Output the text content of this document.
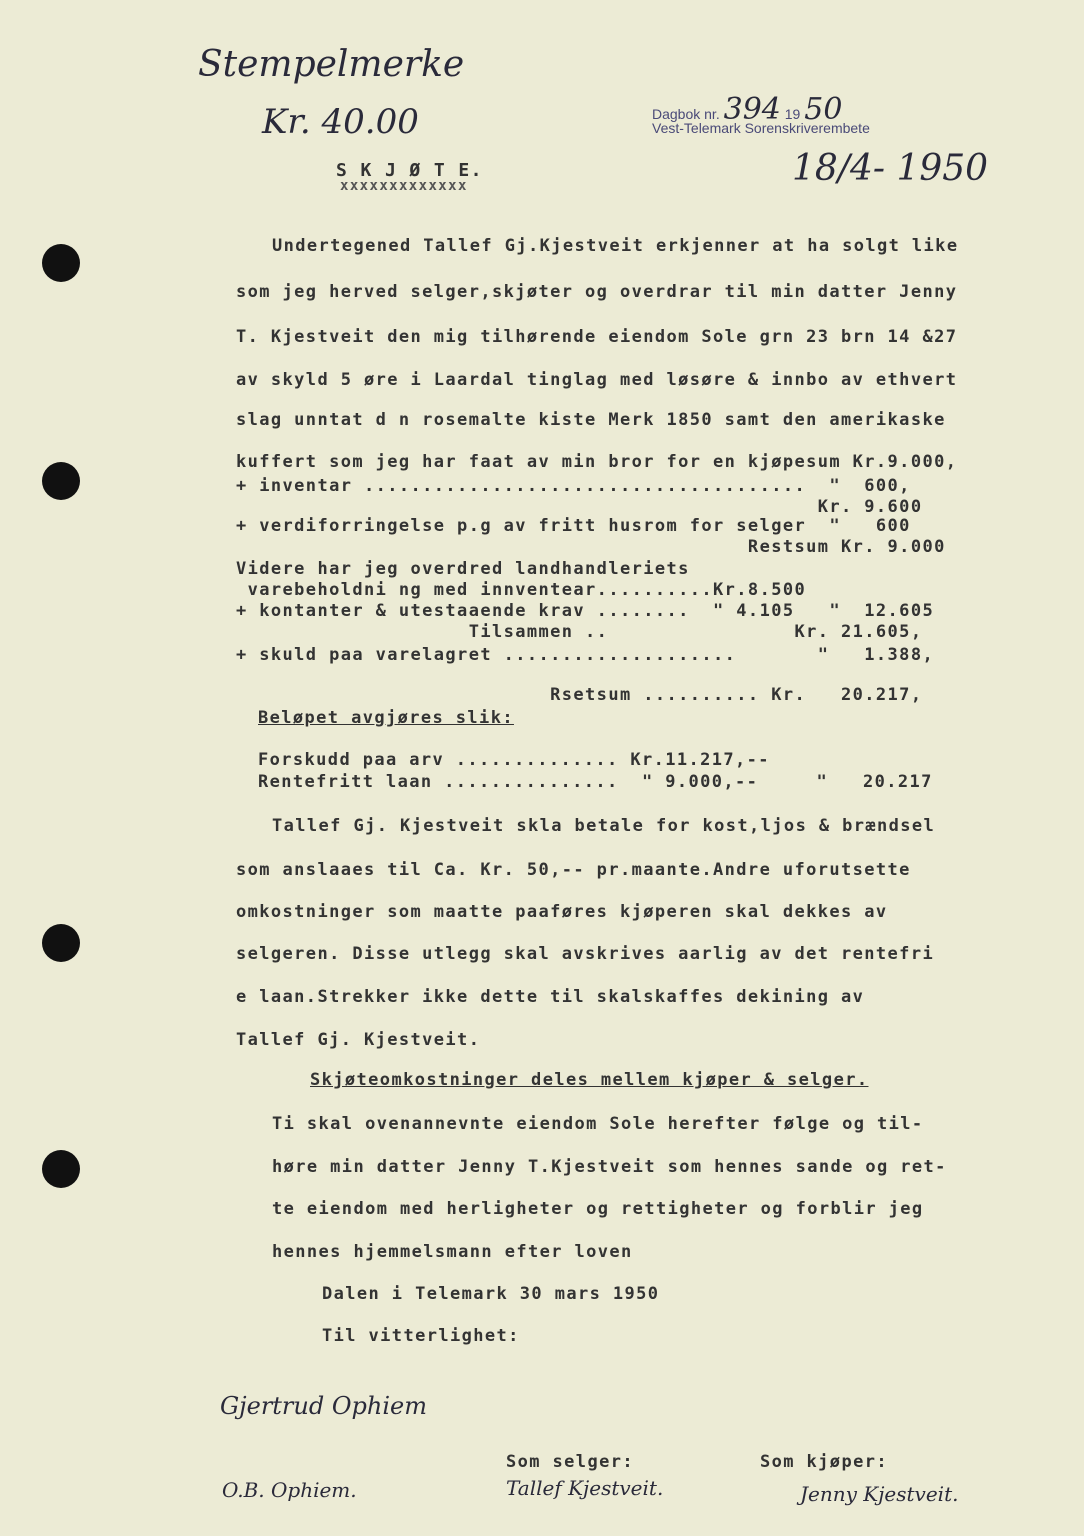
Stempelmerke
Kr. 40.00	Dagbok nr. 394 19 50
Vest-Telemark Sorenskriverembete
18/4- 1950
S K J Ø T E.
xxxxxxxxxxxxx
Undertegened Tallef Gj.Kjestveit erkjenner at ha solgt like
som jeg herved selger,skjøter og overdrar til min datter Jenny
T. Kjestveit den mig tilhørende eiendom Sole grn 23 brn 14 &27
av skyld 5 øre i Laardal tinglag med løsøre & innbo av ethvert
slag unntat d n rosemalte kiste Merk 1850 samt den amerikaske
kuffert som jeg har faat av min bror for en kjøpesum Kr.9.000,
+ inventar ......................................  "  600,
Kr. 9.600
+ verdiforringelse p.g av fritt husrom for selger  "   600
Restsum Kr. 9.000
Videre har jeg overdred landhandleriets
varebeholdni ng med innventear..........Kr.8.500
+ kontanter & utestaaende krav ........  " 4.105   "  12.605
Tilsammen ..                Kr. 21.605,
+ skuld paa varelagret ....................       "   1.388,
Rsetsum .......... Kr.   20.217,
Beløpet avgjøres slik:
Forskudd paa arv .............. Kr.11.217,--
Rentefritt laan ...............  " 9.000,--     "   20.217
Tallef Gj. Kjestveit skla betale for kost,ljos & brændsel
som anslaaes til Ca. Kr. 50,-- pr.maante.Andre uforutsette
omkostninger som maatte paaføres kjøperen skal dekkes av
selgeren. Disse utlegg skal avskrives aarlig av det rentefri
e laan.Strekker ikke dette til skalskaffes dekining av
Tallef Gj. Kjestveit.
Skjøteomkostninger deles mellem kjøper & selger.
Ti skal ovenannevnte eiendom Sole herefter følge og til-
høre min datter Jenny T.Kjestveit som hennes sande og ret-
te eiendom med herligheter og rettigheter og forblir jeg
hennes hjemmelsmann efter loven
Dalen i Telemark 30 mars 1950
Til vitterlighet:
Gjertrud Ophiem
Som selger:	Som kjøper:
O.B. Ophiem.	Tallef Kjestveit.	Jenny Kjestveit.
